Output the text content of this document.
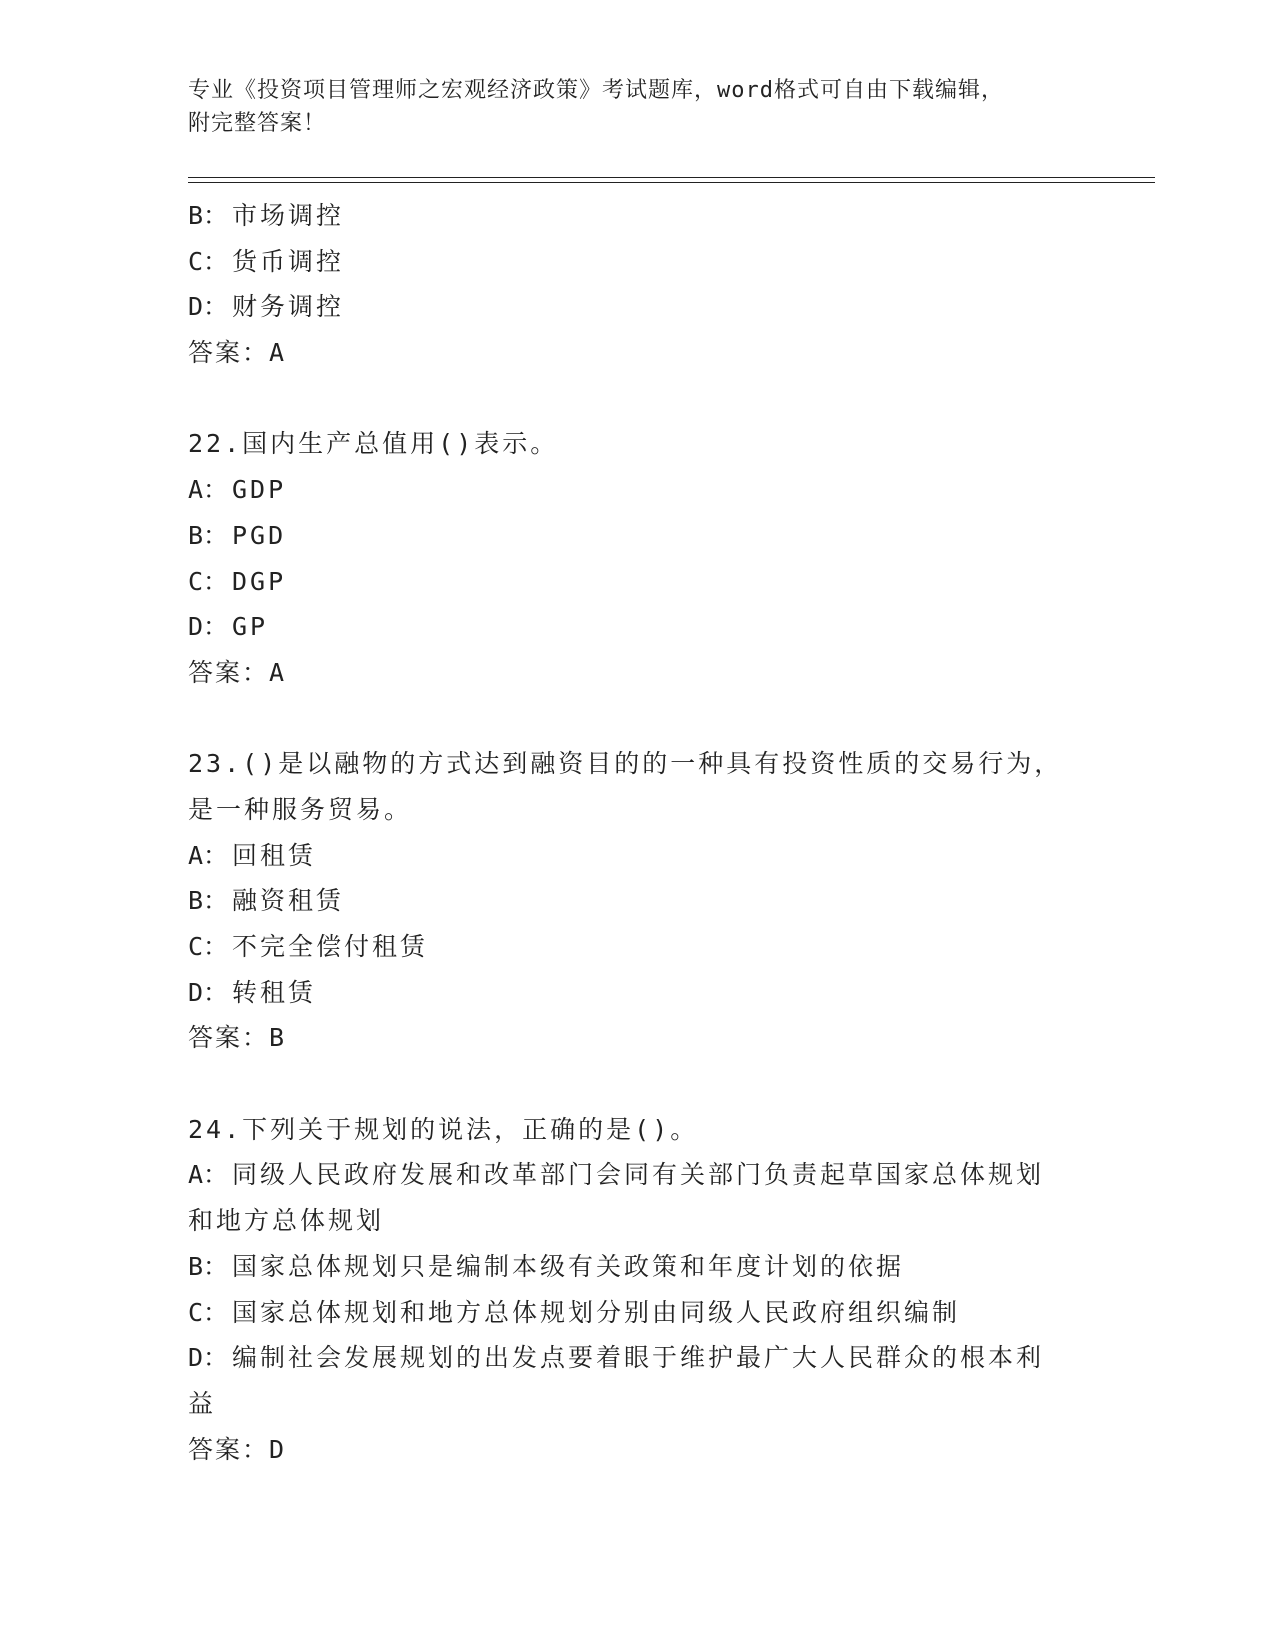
专业《投资项目管理师之宏观经济政策》考试题库，word格式可自由下载编辑，
附完整答案！
B： 市场调控
C： 货币调控
D： 财务调控
答案：A
22.国内生产总值用()表示。
A： GDP
B： PGD
C： DGP
D： GP
答案：A
23.()是以融物的方式达到融资目的的一种具有投资性质的交易行为，
是一种服务贸易。
A： 回租赁
B： 融资租赁
C： 不完全偿付租赁
D： 转租赁
答案：B
24.下列关于规划的说法，正确的是()。
A： 同级人民政府发展和改革部门会同有关部门负责起草国家总体规划
和地方总体规划
B： 国家总体规划只是编制本级有关政策和年度计划的依据
C： 国家总体规划和地方总体规划分别由同级人民政府组织编制
D： 编制社会发展规划的出发点要着眼于维护最广大人民群众的根本利
益
答案：D
